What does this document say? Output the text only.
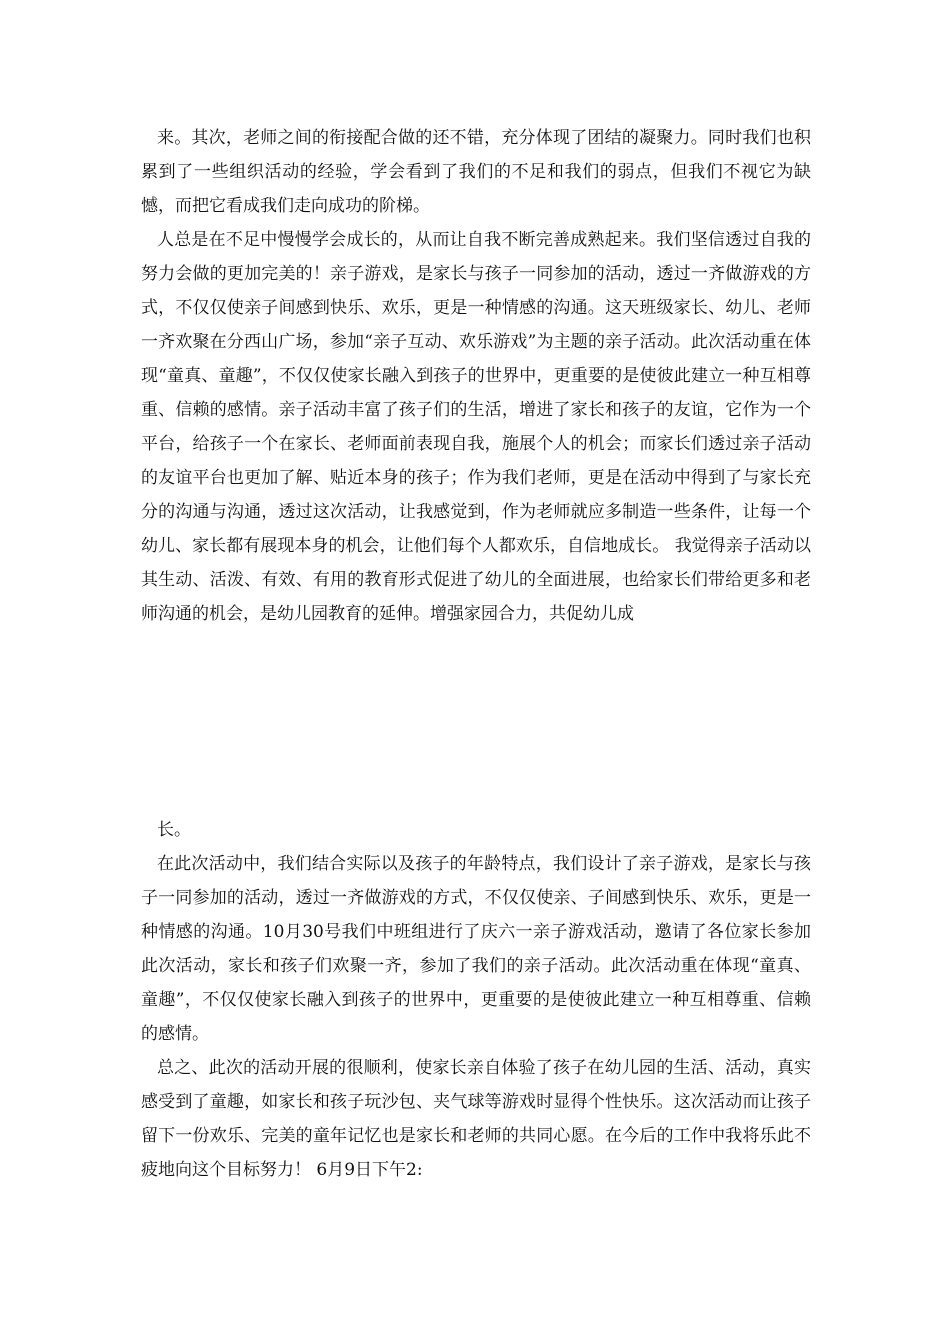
来。其次，老师之间的衔接配合做的还不错，充分体现了团结的凝聚力。同时我们也积累到了一些组织活动的经验，学会看到了我们的不足和我们的弱点，但我们不视它为缺憾，而把它看成我们走向成功的阶梯。

人总是在不足中慢慢学会成长的，从而让自我不断完善成熟起来。我们坚信透过自我的努力会做的更加完美的！亲子游戏，是家长与孩子一同参加的活动，透过一齐做游戏的方式，不仅仅使亲子间感到快乐、欢乐，更是一种情感的沟通。这天班级家长、幼儿、老师一齐欢聚在分西山广场，参加“亲子互动、欢乐游戏”为主题的亲子活动。此次活动重在体现“童真、童趣”，不仅仅使家长融入到孩子的世界中，更重要的是使彼此建立一种互相尊重、信赖的感情。亲子活动丰富了孩子们的生活，增进了家长和孩子的友谊，它作为一个平台，给孩子一个在家长、老师面前表现自我，施展个人的机会；而家长们透过亲子活动的友谊平台也更加了解、贴近本身的孩子；作为我们老师，更是在活动中得到了与家长充分的沟通与沟通，透过这次活动，让我感觉到，作为老师就应多制造一些条件，让每一个幼儿、家长都有展现本身的机会，让他们每个人都欢乐，自信地成长。 我觉得亲子活动以其生动、活泼、有效、有用的教育形式促进了幼儿的全面进展，也给家长们带给更多和老师沟通的机会，是幼儿园教育的延伸。增强家园合力，共促幼儿成

长。

在此次活动中，我们结合实际以及孩子的年龄特点，我们设计了亲子游戏，是家长与孩子一同参加的活动，透过一齐做游戏的方式，不仅仅使亲、子间感到快乐、欢乐，更是一种情感的沟通。10月30号我们中班组进行了庆六一亲子游戏活动，邀请了各位家长参加此次活动，家长和孩子们欢聚一齐，参加了我们的亲子活动。此次活动重在体现“童真、童趣”，不仅仅使家长融入到孩子的世界中，更重要的是使彼此建立一种互相尊重、信赖的感情。

总之、此次的活动开展的很顺利，使家长亲自体验了孩子在幼儿园的生活、活动，真实感受到了童趣，如家长和孩子玩沙包、夹气球等游戏时显得个性快乐。这次活动而让孩子留下一份欢乐、完美的童年记忆也是家长和老师的共同心愿。在今后的工作中我将乐此不疲地向这个目标努力！ 6月9日下午2:
